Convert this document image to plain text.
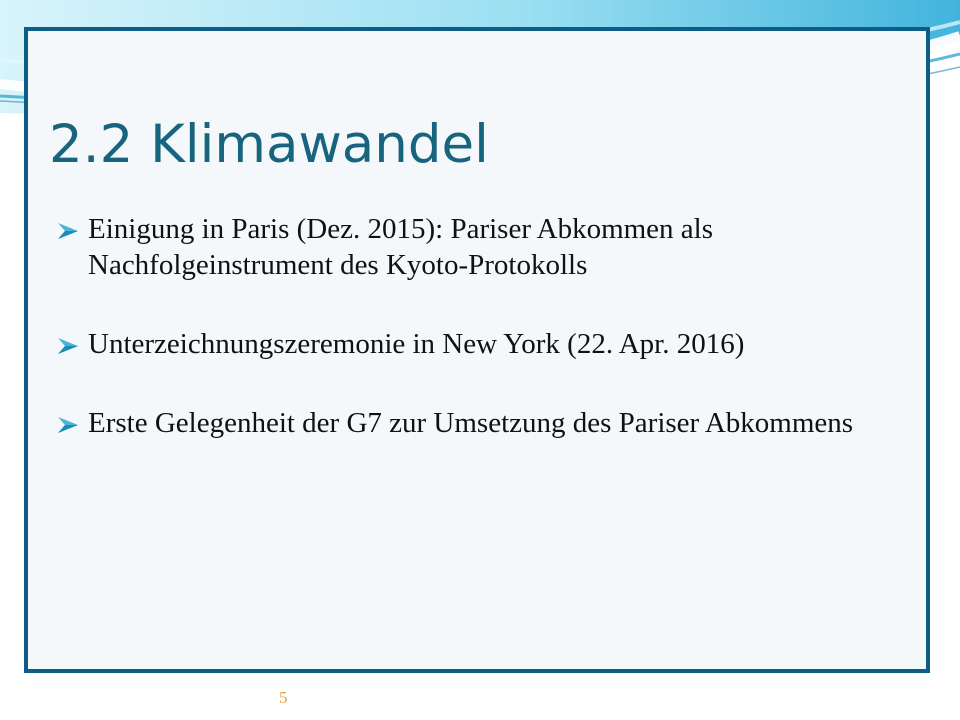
2.2 Klimawandel
Einigung in Paris (Dez. 2015): Pariser Abkommen als Nachfolgeinstrument des Kyoto-Protokolls
Unterzeichnungszeremonie in New York (22. Apr. 2016)
Erste Gelegenheit der G7 zur Umsetzung des Pariser Abkommens
5
